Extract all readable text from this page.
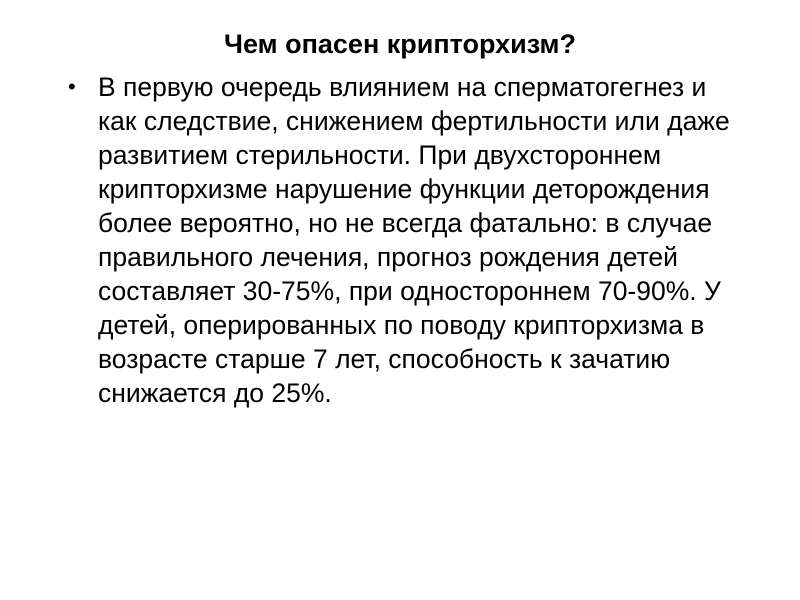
Чем опасен крипторхизм?
• В первую очередь влиянием на сперматогегнез и как следствие, снижением фертильности или даже развитием стерильности. При двухстороннем крипторхизме нарушение функции деторождения более вероятно, но не всегда фатально: в случае правильного лечения, прогноз рождения детей составляет 30-75%, при одностороннем 70-90%. У детей, оперированных по поводу крипторхизма в возрасте старше 7 лет, способность к зачатию снижается до 25%.
